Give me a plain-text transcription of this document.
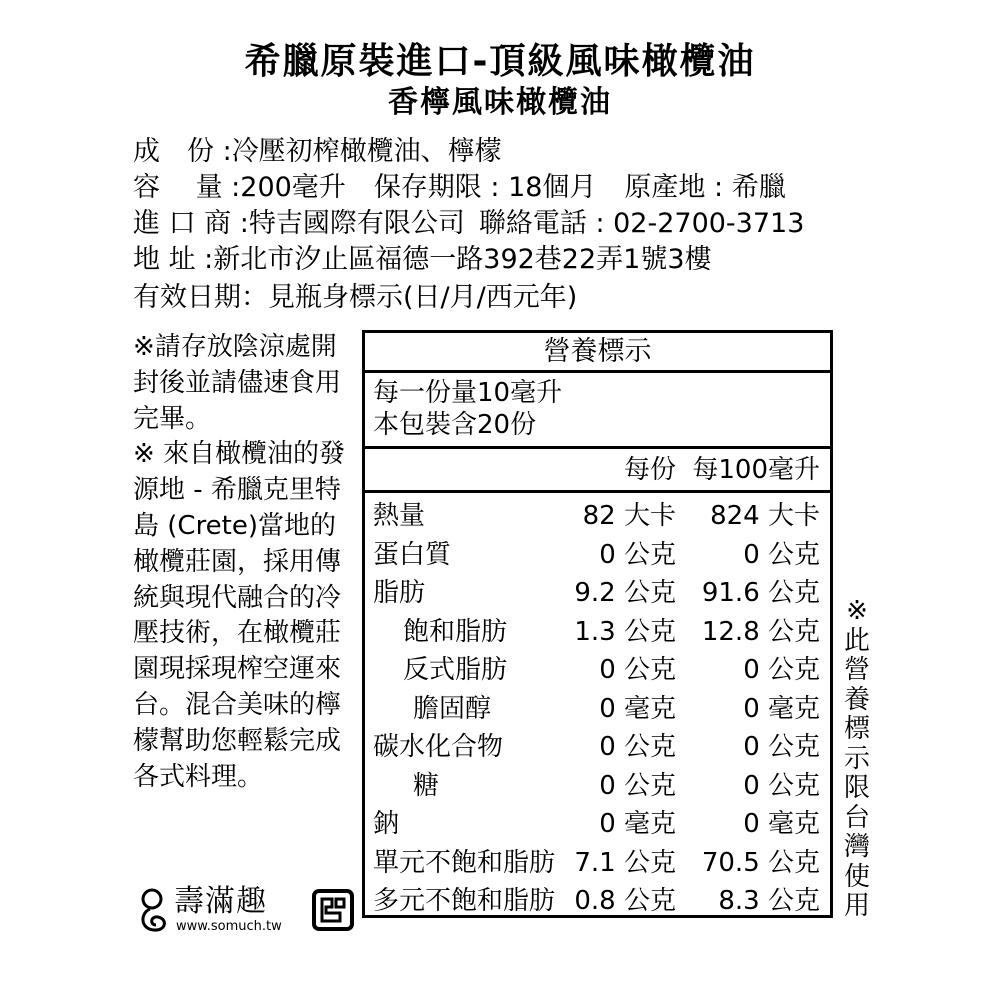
希臘原裝進口-頂級風味橄欖油
香檸風味橄欖油
成　份 :冷壓初榨橄欖油、檸檬
容　 量 :200毫升 保存期限 : 18個月 原產地 : 希臘
進 口 商 :特吉國際有限公司 聯絡電話 : 02-2700-3713
地 址 :新北市汐止區福德一路392巷22弄1號3樓
有效日期：見瓶身標示(日/月/西元年)

※請存放陰涼處開封後並請儘速食用完畢。

※ 來自橄欖油的發源地 - 希臘克里特島 (Crete)當地的橄欖莊園，採用傳統與現代融合的冷壓技術，在橄欖莊園現採現榨空運來台。混合美味的檸檬幫助您輕鬆完成各式料理。

營養標示
每一份量10毫升
本包裝含20份
每份 每100毫升
熱量	82 大卡 824 大卡
蛋白質	0 公克	0 公克
脂肪	9.2 公克 91.6 公克
飽和脂肪	1.3 公克 12.8 公克
反式脂肪	0 公克	0 公克
膽固醇	0 毫克	0 毫克
碳水化合物	0 公克	0 公克
糖	0 公克	0 公克
鈉	0 毫克	0 毫克
單元不飽和脂肪 7.1 公克 70.5 公克
多元不飽和脂肪 0.8 公克 8.3 公克
※
此
營
養
標
示
限
台
灣
使
用
壽滿趣
www.somuch.tw
